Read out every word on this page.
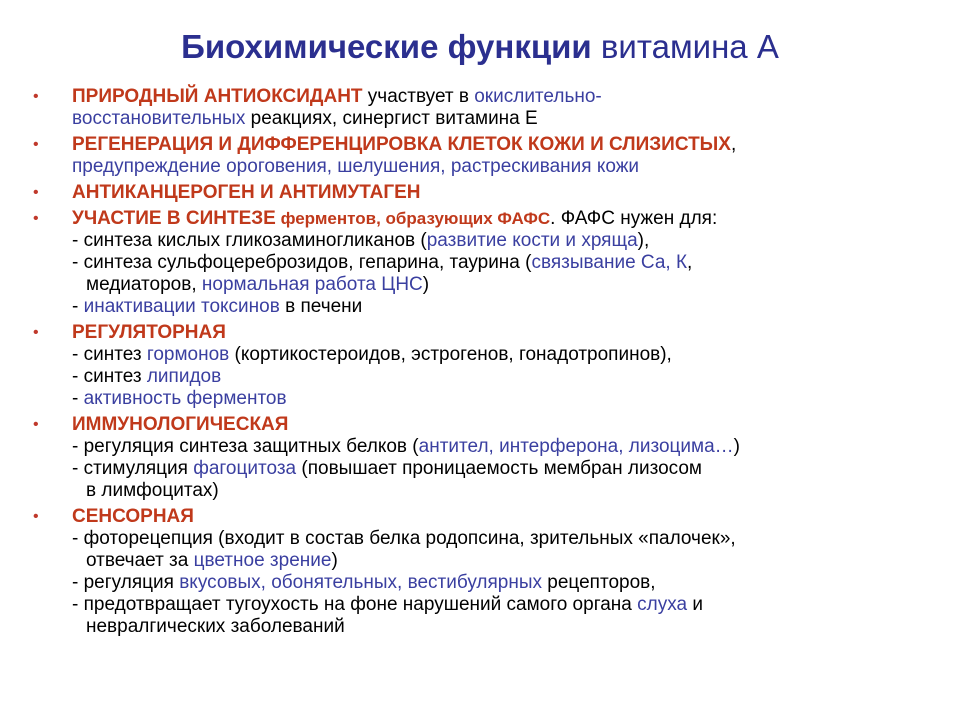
Биохимические функции витамина А
• ПРИРОДНЫЙ АНТИОКСИДАНТ участвует в окислительно-
восстановительных реакциях, синергист витамина Е
• РЕГЕНЕРАЦИЯ И ДИФФЕРЕНЦИРОВКА КЛЕТОК КОЖИ И СЛИЗИСТЫХ,
предупреждение ороговения, шелушения, растрескивания кожи
• АНТИКАНЦЕРОГЕН И АНТИМУТАГЕН
• УЧАСТИЕ В СИНТЕЗЕ ферментов, образующих ФАФС. ФАФС нужен для:
- синтеза кислых гликозаминогликанов (развитие кости и хряща),
- синтеза сульфоцереброзидов, гепарина, таурина (связывание Са, К,
медиаторов, нормальная работа ЦНС)
- инактивации токсинов в печени
• РЕГУЛЯТОРНАЯ
- синтез гормонов (кортикостероидов, эстрогенов, гонадотропинов),
- синтез липидов
- активность ферментов
• ИММУНОЛОГИЧЕСКАЯ
- регуляция синтеза защитных белков (антител, интерферона, лизоцима…)
- стимуляция фагоцитоза (повышает проницаемость мембран лизосом
в лимфоцитах)
• СЕНСОРНАЯ
- фоторецепция (входит в состав белка родопсина, зрительных «палочек»,
отвечает за цветное зрение)
- регуляция вкусовых, обонятельных, вестибулярных рецепторов,
- предотвращает тугоухость на фоне нарушений самого органа слуха и
невралгических заболеваний
